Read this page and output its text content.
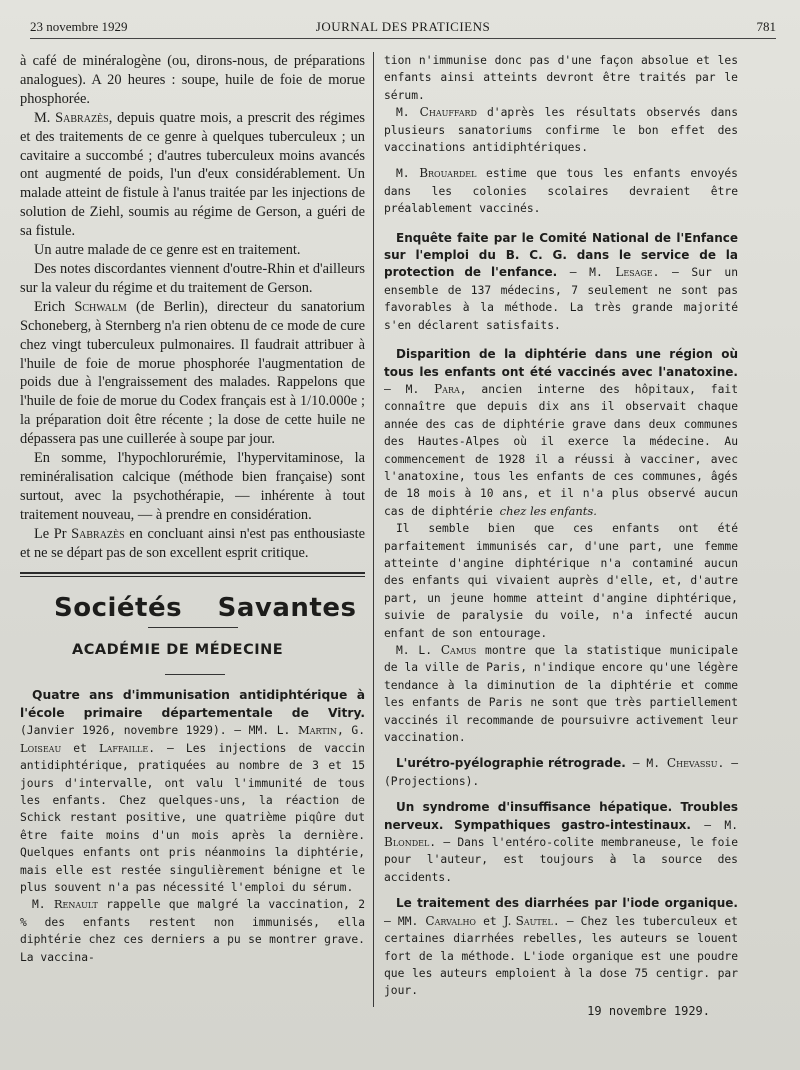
23 novembre 1929	JOURNAL DES PRATICIENS	781

à café de minéralogène (ou, dirons-nous, de préparations analogues). A 20 heures : soupe, huile de foie de morue phosphorée.

M. Sabrazès, depuis quatre mois, a prescrit des régimes et des traitements de ce genre à quelques tuberculeux ; un cavitaire a succombé ; d'autres tuberculeux moins avancés ont augmenté de poids, l'un d'eux considérablement. Un malade atteint de fistule à l'anus traitée par les injections de solution de Ziehl, soumis au régime de Gerson, a guéri de sa fistule.

Un autre malade de ce genre est en traitement.

Des notes discordantes viennent d'outre-Rhin et d'ailleurs sur la valeur du régime et du traitement de Gerson.

Erich Schwalm (de Berlin), directeur du sanatorium Schoneberg, à Sternberg n'a rien obtenu de ce mode de cure chez vingt tuberculeux pulmonaires. Il faudrait attribuer à l'huile de foie de morue phosphorée l'augmentation de poids due à l'engraissement des malades. Rappelons que l'huile de foie de morue du Codex français est à 1/10.000e ; la préparation doit être récente ; la dose de cette huile ne dépassera pas une cuillerée à soupe par jour.

En somme, l'hypochlorurémie, l'hypervitaminose, la reminéralisation calcique (méthode bien française) sont surtout, avec la psychothérapie, — inhérente à tout traitement nouveau, — à prendre en considération.

Le Pr Sabrazès en concluant ainsi n'est pas enthousiaste et ne se départ pas de son excellent esprit critique.

Sociétés Savantes
ACADÉMIE DE MÉDECINE

Quatre ans d'immunisation antidiphtérique à l'école primaire départementale de Vitry. (Janvier 1926, novembre 1929). — MM. L. Martin, G. Loiseau et Laffaille. — Les injections de vaccin antidiphtérique, pratiquées au nombre de 3 et 15 jours d'intervalle, ont valu l'immunité de tous les enfants. Chez quelques-uns, la réaction de Schick restant positive, une quatrième piqûre dut être faite moins d'un mois après la dernière. Quelques enfants ont pris néanmoins la diphtérie, mais elle est restée singulièrement bénigne et le plus souvent n'a pas nécessité l'emploi du sérum.

M. Renault rappelle que malgré la vaccination, 2 % des enfants restent non immunisés, ella diphtérie chez ces derniers a pu se montrer grave. La vaccina-

tion n'immunise donc pas d'une façon absolue et les enfants ainsi atteints devront être traités par le sérum.

M. Chauffard d'après les résultats observés dans plusieurs sanatoriums confirme le bon effet des vaccinations antidiphtériques.

M. Brouardel estime que tous les enfants envoyés dans les colonies scolaires devraient être préalablement vaccinés.

Enquête faite par le Comité National de l'Enfance sur l'emploi du B. C. G. dans le service de la protection de l'enfance. — M. Lesage. — Sur un ensemble de 137 médecins, 7 seulement ne sont pas favorables à la méthode. La très grande majorité s'en déclarent satisfaits.

Disparition de la diphtérie dans une région où tous les enfants ont été vaccinés avec l'anatoxine. — M. Para, ancien interne des hôpitaux, fait connaître que depuis dix ans il observait chaque année des cas de diphtérie grave dans deux communes des Hautes-Alpes où il exerce la médecine. Au commencement de 1928 il a réussi à vacciner, avec l'anatoxine, tous les enfants de ces communes, âgés de 18 mois à 10 ans, et il n'a plus observé aucun cas de diphtérie chez les enfants.

Il semble bien que ces enfants ont été parfaitement immunisés car, d'une part, une femme atteinte d'angine diphtérique n'a contaminé aucun des enfants qui vivaient auprès d'elle, et, d'autre part, un jeune homme atteint d'angine diphtérique, suivie de paralysie du voile, n'a infecté aucun enfant de son entourage.

M. L. Camus montre que la statistique municipale de la ville de Paris, n'indique encore qu'une légère tendance à la diminution de la diphtérie et comme les enfants de Paris ne sont que très partiellement vaccinés il recommande de poursuivre activement leur vaccination.

L'urétro-pyélographie rétrograde. — M. Chevassu. — (Projections).

Un syndrome d'insuffisance hépatique. Troubles nerveux. Sympathiques gastro-intestinaux. — M. Blondel. — Dans l'entéro-colite membraneuse, le foie pour l'auteur, est toujours à la source des accidents.

Le traitement des diarrhées par l'iode organique. — MM. Carvalho et J. Sautel. — Chez les tuberculeux et certaines diarrhées rebelles, les auteurs se louent fort de la méthode. L'iode organique est une poudre que les auteurs emploient à la dose 75 centigr. par jour.

19 novembre 1929.
